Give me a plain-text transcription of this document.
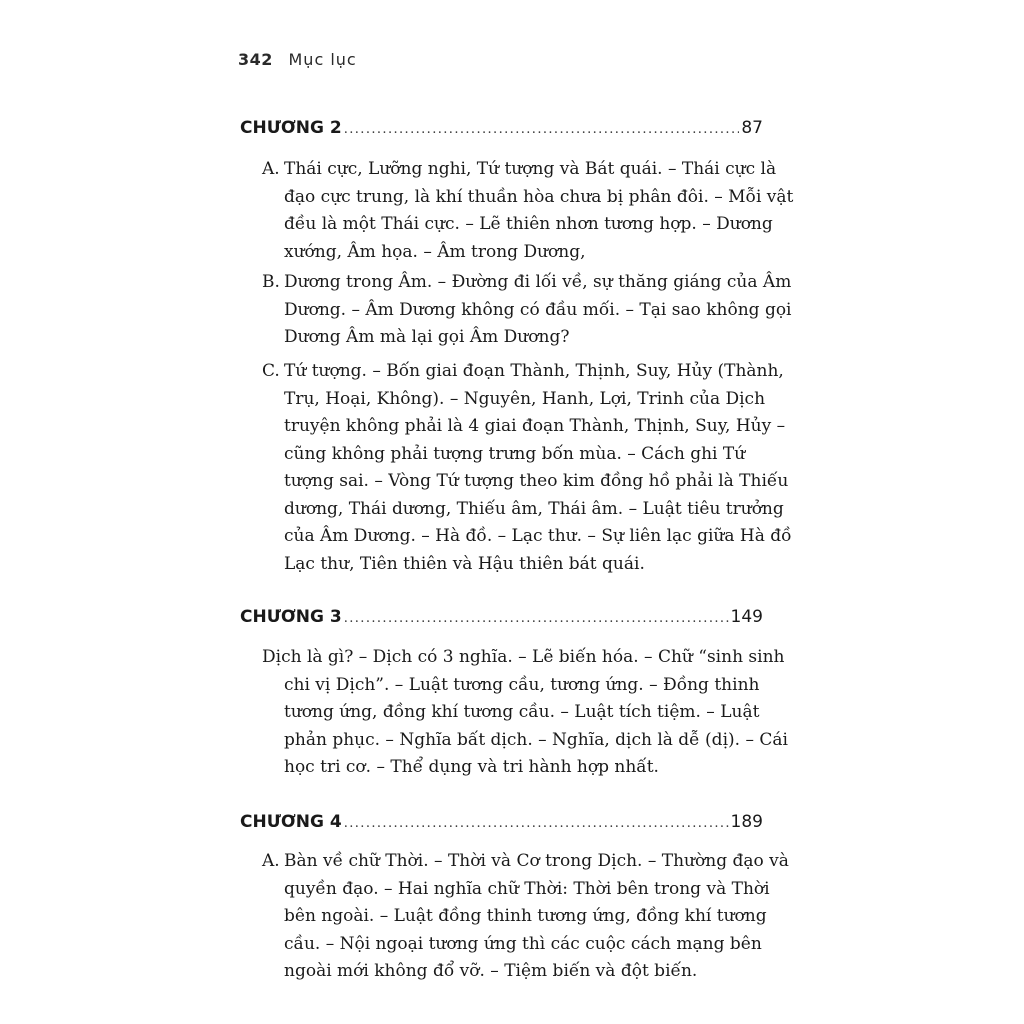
342 Mục lục
CHƯƠNG 2 .....	87
A. Thái cực, Lưỡng nghi, Tứ tượng và Bát quái. – Thái cực là đạo cực trung, là khí thuần hòa chưa bị phân đôi. – Mỗi vật đều là một Thái cực. – Lẽ thiên nhơn tương hợp. – Dương xướng, Âm họa. – Âm trong Dương,
B. Dương trong Âm. – Đường đi lối về, sự thăng giáng của Âm Dương. – Âm Dương không có đầu mối. – Tại sao không gọi Dương Âm mà lại gọi Âm Dương?
C. Tứ tượng. – Bốn giai đoạn Thành, Thịnh, Suy, Hủy (Thành, Trụ, Hoại, Không). – Nguyên, Hanh, Lợi, Trinh của Dịch truyện không phải là 4 giai đoạn Thành, Thịnh, Suy, Hủy – cũng không phải tượng trưng bốn mùa. – Cách ghi Tứ tượng sai. – Vòng Tứ tượng theo kim đồng hồ phải là Thiếu dương, Thái dương, Thiếu âm, Thái âm. – Luật tiêu trưởng của Âm Dương. – Hà đồ. – Lạc thư. – Sự liên lạc giữa Hà đồ Lạc thư, Tiên thiên và Hậu thiên bát quái.
CHƯƠNG 3 .....	149
Dịch là gì? – Dịch có 3 nghĩa. – Lẽ biến hóa. – Chữ “sinh sinh chi vị Dịch”. – Luật tương cầu, tương ứng. – Đồng thinh tương ứng, đồng khí tương cầu. – Luật tích tiệm. – Luật phản phục. – Nghĩa bất dịch. – Nghĩa, dịch là dễ (dị). – Cái học tri cơ. – Thể dụng và tri hành hợp nhất.
CHƯƠNG 4 .....	189
A. Bàn về chữ Thời. – Thời và Cơ trong Dịch. – Thường đạo và quyền đạo. – Hai nghĩa chữ Thời: Thời bên trong và Thời bên ngoài. – Luật đồng thinh tương ứng, đồng khí tương cầu. – Nội ngoại tương ứng thì các cuộc cách mạng bên ngoài mới không đổ vỡ. – Tiệm biến và đột biến.
